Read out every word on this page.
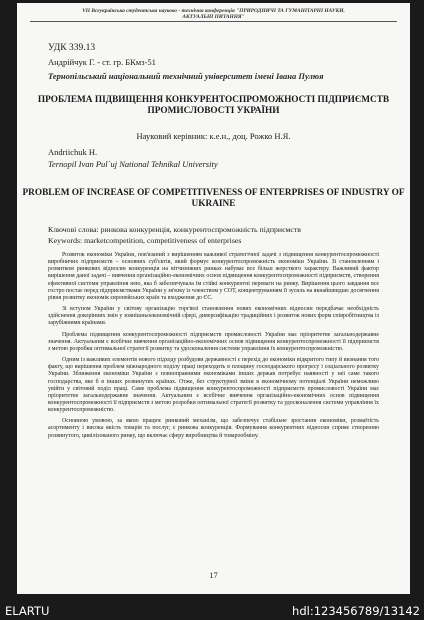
VII Всеукраїнська студентська науково - технічна конференція "ПРИРОДНИЧІ ТА ГУМАНІТАРНІ НАУКИ.
АКТУАЛЬНІ ПИТАННЯ"
УДК 339.13
Андрійчук Г. - ст. гр. БКмз-51
Тернопільський національний технічний університет імені Івана Пулюя
ПРОБЛЕМА ПІДВИЩЕННЯ КОНКУРЕНТОСПРОМОЖНОСТІ ПІДПРИЄМСТВ ПРОМИСЛОВОСТІ УКРАЇНИ
Науковий керівник: к.е.н., доц. Рожко Н.Я.
Andriichuk H.
Ternopil Ivan Pul`uj National Tehnikal University
PROBLEM OF INCREASE OF COMPETITIVENESS OF ENTERPRISES OF INDUSTRY OF UKRAINE
Ключові слова: ринкова конкуренція, конкурентоспроможність підприємств
Keywords: marketcompetition, competitiveness of enterprises

Розвиток економіки України, пов'язаний з вирішенням важливої стратегічної задачі з підвищення конкурентоспроможності виробничих підприємств – основних суб'єктів, який формує конкурентоспроможність економіки України. Зі становленням і розвитком ринкових відносин конкуренція на вітчизняних ринках набуває все більш жорсткого характеру. Важливий фактор вирішення даної задачі – вивчення організаційно-економічних основ підвищення конкурентоспроможності підприємств, створення ефективної системи управління нею, яка б забезпечувала їм стійкі конкурентні переваги на ринку. Вирішення цього завдання все гостро постає перед підприємствами України у зв'язку із членством у СОТ, концентруванням її зусиль на якнайшвидше досягнення рівня розвитку економік європейських країн та входження до ЄС.

Зі вступом України у світову організацію торгівлі становлення нових економічних відносин передбачає необхідність здійснення докорінних змін у зовнішньоекономічній сфері, диверсифікацію традиційних і розвиток нових форм співробітництва із зарубіжними країнами.

Проблема підвищення конкурентоспроможності підприємств промисловості України має пріоритетне загальнодержавне значення. Актуальним є всебічне вивчення організаційно-економічних основ підвищення конкурентоспроможності її підприємств з метою розробки оптимальної стратегії розвитку та удосконалення системи управління їх конкурентоспроможністю.

Одним із важливих елементів нового підходу розбудови державності є перехід до економіки відкритого типу й визнання того факту, що вирішення проблем міжнародного поділу праці переходить в площину господарського прогресу і соціального розвитку України. Зближення економіки України з повноправними економіками інших держав потребує наявності у неї саме такого господарства, яке б в інших розвинутих країнах. Отже, без структурної зміни в економічному потенціалі України неможливо увійти у світовий поділ праці. Саме проблема підвищення конкурентоспроможності підприємств промисловості України має пріоритетне загальнодержавне значення. Актуальним є всебічне вивчення організаційно-економічних основ підвищення конкурентоспроможності її підприємств з метою розробки оптимальної стратегії розвитку та удосконалення системи управління їх конкурентоспроможністю.

Основною умовою, за якою працює ринковий механізм, що забезпечує стабільне зростання економіки, розмаїтість асортименту і висока якість товарів та послуг, є ринкова конкуренція. Формування конкурентних відносин сприяє створенню розвинутого, цивілізованого ринку, що включає сферу виробництва й товарообміну.

17
ELARTU	hdl:123456789/13142
